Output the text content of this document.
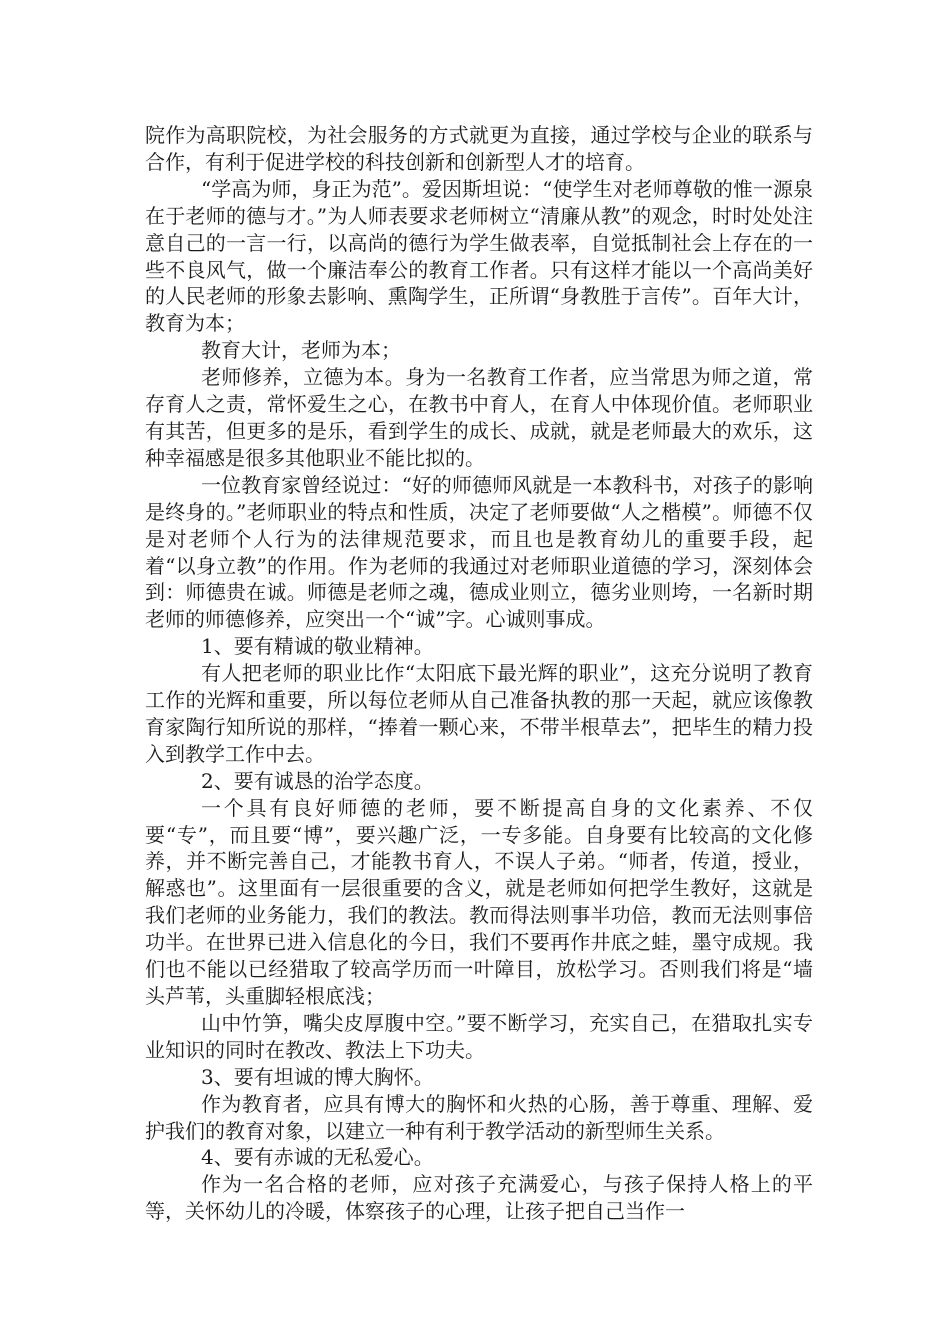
院作为高职院校，为社会服务的方式就更为直接，通过学校与企业的联系与合作，有利于促进学校的科技创新和创新型人才的培育。

“学高为师，身正为范”。爱因斯坦说：“使学生对老师尊敬的惟一源泉在于老师的德与才。”为人师表要求老师树立“清廉从教”的观念，时时处处注意自己的一言一行，以高尚的德行为学生做表率，自觉抵制社会上存在的一些不良风气，做一个廉洁奉公的教育工作者。只有这样才能以一个高尚美好的人民老师的形象去影响、熏陶学生，正所谓“身教胜于言传”。百年大计，教育为本；

教育大计，老师为本；

老师修养，立德为本。身为一名教育工作者，应当常思为师之道，常存育人之责，常怀爱生之心，在教书中育人，在育人中体现价值。老师职业有其苦，但更多的是乐，看到学生的成长、成就，就是老师最大的欢乐，这种幸福感是很多其他职业不能比拟的。

一位教育家曾经说过：“好的师德师风就是一本教科书，对孩子的影响是终身的。”老师职业的特点和性质，决定了老师要做“人之楷模”。师德不仅是对老师个人行为的法律规范要求，而且也是教育幼儿的重要手段，起着“以身立教”的作用。作为老师的我通过对老师职业道德的学习，深刻体会到：师德贵在诚。师德是老师之魂，德成业则立，德劣业则垮，一名新时期老师的师德修养，应突出一个“诚”字。心诚则事成。

1、要有精诚的敬业精神。

有人把老师的职业比作“太阳底下最光辉的职业”，这充分说明了教育工作的光辉和重要，所以每位老师从自己准备执教的那一天起，就应该像教育家陶行知所说的那样，“捧着一颗心来，不带半根草去”，把毕生的精力投入到教学工作中去。

2、要有诚恳的治学态度。

一个具有良好师德的老师，要不断提高自身的文化素养、不仅要“专”，而且要“博”，要兴趣广泛，一专多能。自身要有比较高的文化修养，并不断完善自己，才能教书育人，不误人子弟。“师者，传道，授业，解惑也”。这里面有一层很重要的含义，就是老师如何把学生教好，这就是我们老师的业务能力，我们的教法。教而得法则事半功倍，教而无法则事倍功半。在世界已进入信息化的今日，我们不要再作井底之蛙，墨守成规。我们也不能以已经猎取了较高学历而一叶障目，放松学习。否则我们将是“墙头芦苇，头重脚轻根底浅；

山中竹笋，嘴尖皮厚腹中空。”要不断学习，充实自己，在猎取扎实专业知识的同时在教改、教法上下功夫。

3、要有坦诚的博大胸怀。

作为教育者，应具有博大的胸怀和火热的心肠，善于尊重、理解、爱护我们的教育对象，以建立一种有利于教学活动的新型师生关系。

4、要有赤诚的无私爱心。

作为一名合格的老师，应对孩子充满爱心，与孩子保持人格上的平等，关怀幼儿的冷暖，体察孩子的心理，让孩子把自己当作一
